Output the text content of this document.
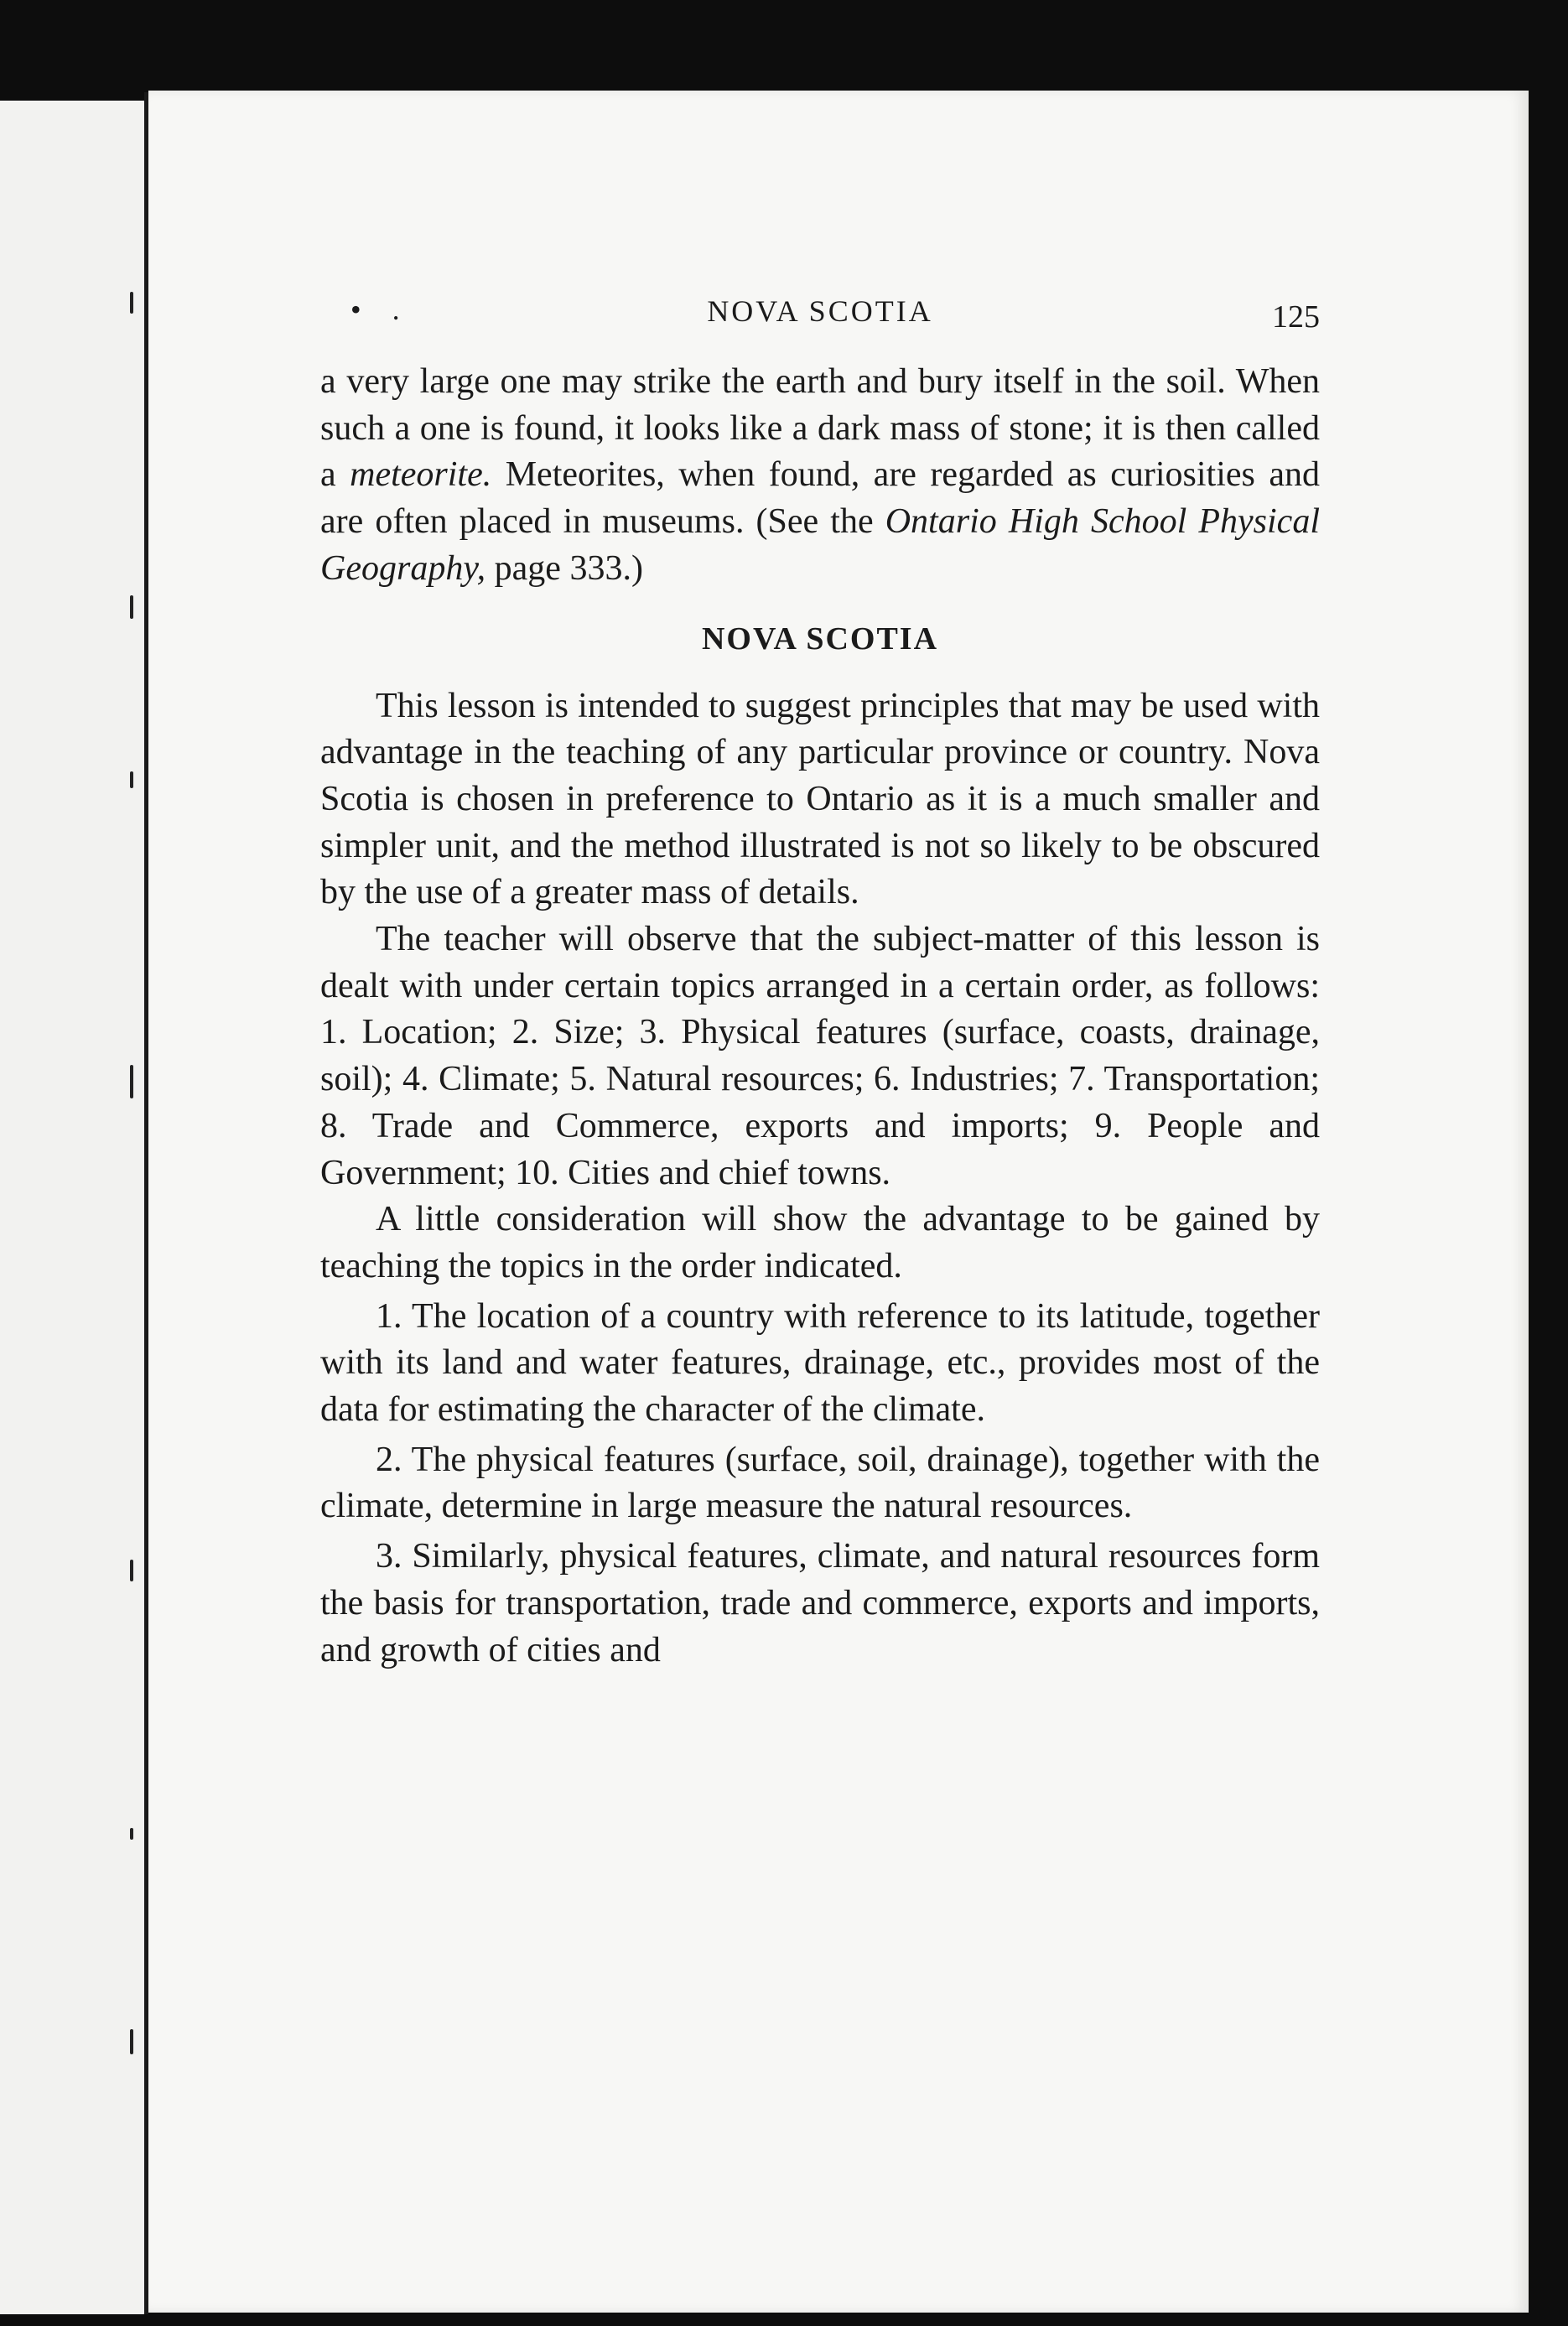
• .	NOVA SCOTIA	125

a very large one may strike the earth and bury itself in the soil. When such a one is found, it looks like a dark mass of stone; it is then called a meteorite. Meteorites, when found, are regarded as curiosities and are often placed in museums. (See the Ontario High School Physical Geography, page 333.)

NOVA SCOTIA

This lesson is intended to suggest principles that may be used with advantage in the teaching of any particular province or country. Nova Scotia is chosen in preference to Ontario as it is a much smaller and simpler unit, and the method illustrated is not so likely to be obscured by the use of a greater mass of details.

The teacher will observe that the subject-matter of this lesson is dealt with under certain topics arranged in a certain order, as follows: 1. Location; 2. Size; 3. Physical features (surface, coasts, drainage, soil); 4. Climate; 5. Natural resources; 6. Industries; 7. Transportation; 8. Trade and Commerce, exports and imports; 9. People and Government; 10. Cities and chief towns.

A little consideration will show the advantage to be gained by teaching the topics in the order indicated.

1. The location of a country with reference to its latitude, together with its land and water features, drainage, etc., provides most of the data for estimating the character of the climate.

2. The physical features (surface, soil, drainage), together with the climate, determine in large measure the natural resources.

3. Similarly, physical features, climate, and natural resources form the basis for transportation, trade and commerce, exports and imports, and growth of cities and
